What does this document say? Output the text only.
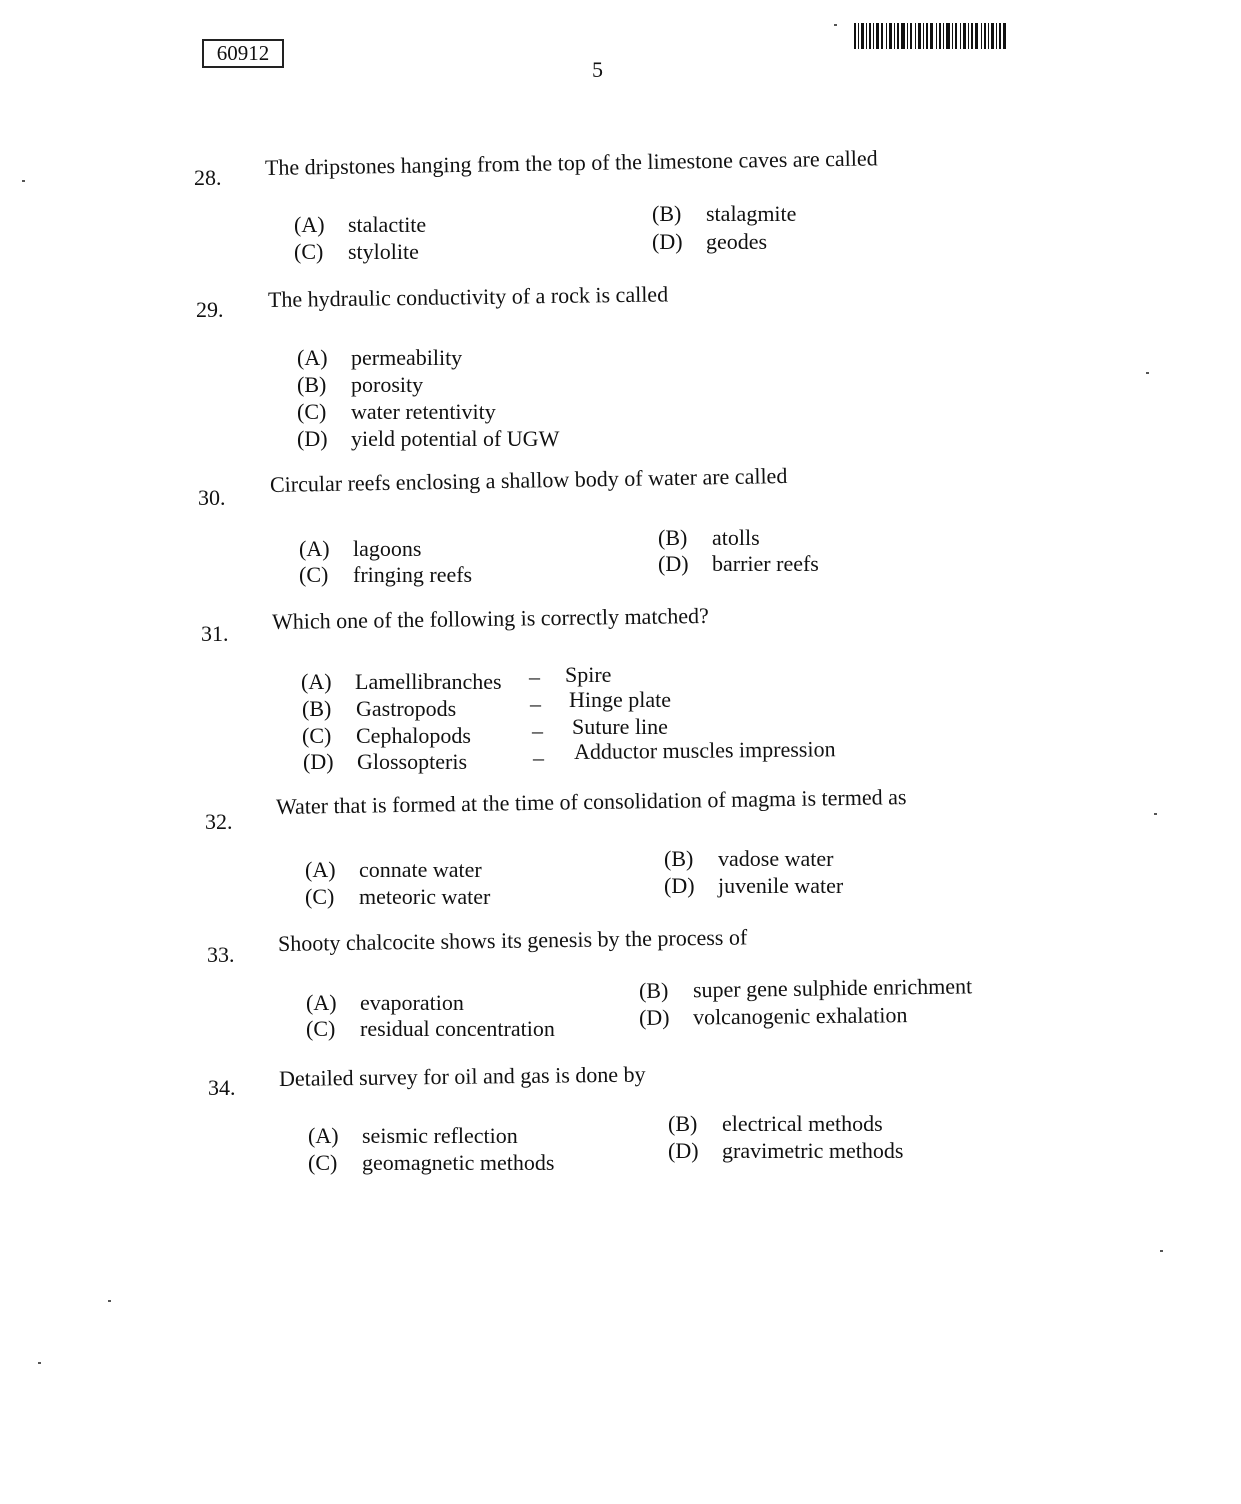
60912
5
28. The dripstones hanging from the top of the limestone caves are called
(A) stalactite	(B) stalagmite
(C) stylolite	(D) geodes
29. The hydraulic conductivity of a rock is called
(A) permeability
(B) porosity
(C) water retentivity
(D) yield potential of UGW
30.
Circular reefs enclosing a shallow body of water are called
(A) lagoons	(B) atolls
(C) fringing reefs	(D) barrier reefs
31. Which one of the following is correctly matched?
(A) Lamellibranches – Spire
(B) Gastropods	– Hinge plate
(C) Cephalopods	– Suture line
(D) Glossopteris	– Adductor muscles impression
32.
Water that is formed at the time of consolidation of magma is termed as
(A) connate water	(B) vadose water
(C) meteoric water	(D) juvenile water
33. Shooty chalcocite shows its genesis by the process of
(A) evaporation	(B) super gene sulphide enrichment
(C) residual concentration	(D) volcanogenic exhalation
34. Detailed survey for oil and gas is done by
(A) seismic reflection	(B) electrical methods
(C) geomagnetic methods	(D) gravimetric methods
